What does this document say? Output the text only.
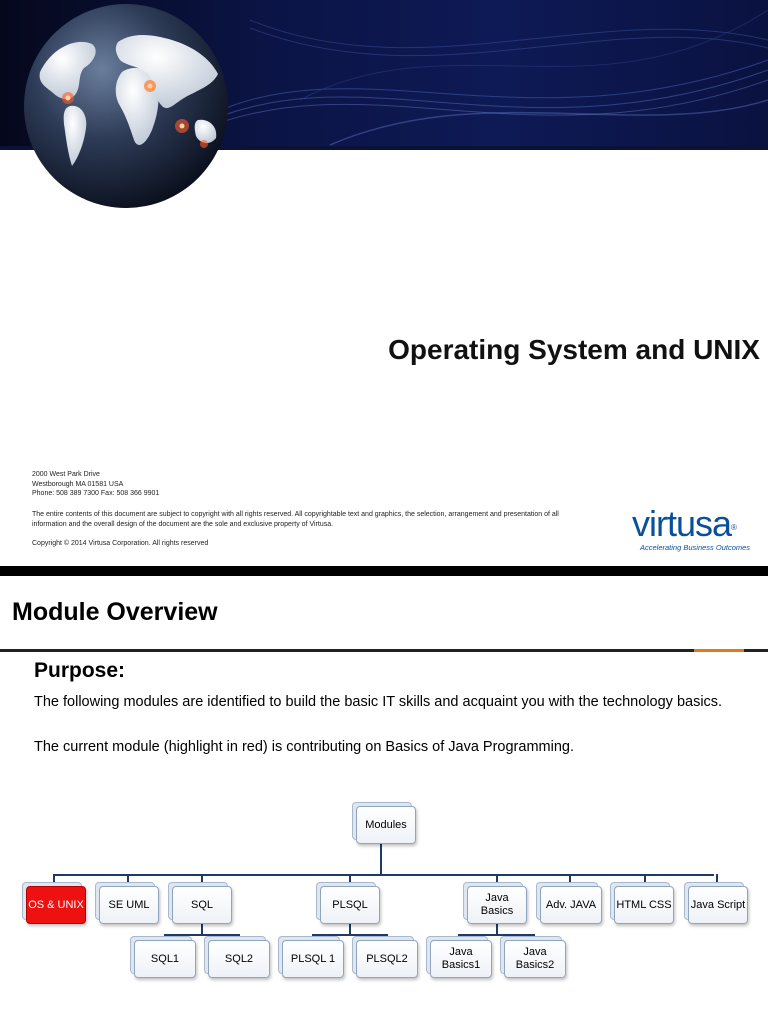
Operating System and UNIX
2000 West Park Drive
Westborough MA 01581 USA
Phone: 508 389 7300 Fax: 508 366 9901
The entire contents of this document are subject to copyright with all rights reserved. All copyrightable text and graphics, the selection, arrangement and presentation of all information and the overall design of the document are the sole and exclusive property of Virtusa.
Copyright © 2014 Virtusa Corporation. All rights reserved	virtusa®
Accelerating Business Outcomes
Module Overview
Purpose:
The following modules are identified to build the basic IT skills and acquaint you with the technology basics.
The current module (highlight in red) is contributing on Basics of Java Programming.
Modules
OS & UNIX	SE UML	SQL	PLSQL
Java Basics
Adv. JAVA	HTML CSS Java Script
SQL1	SQL2	PLSQL 1	PLSQL2
Java Basics1
Java Basics2
